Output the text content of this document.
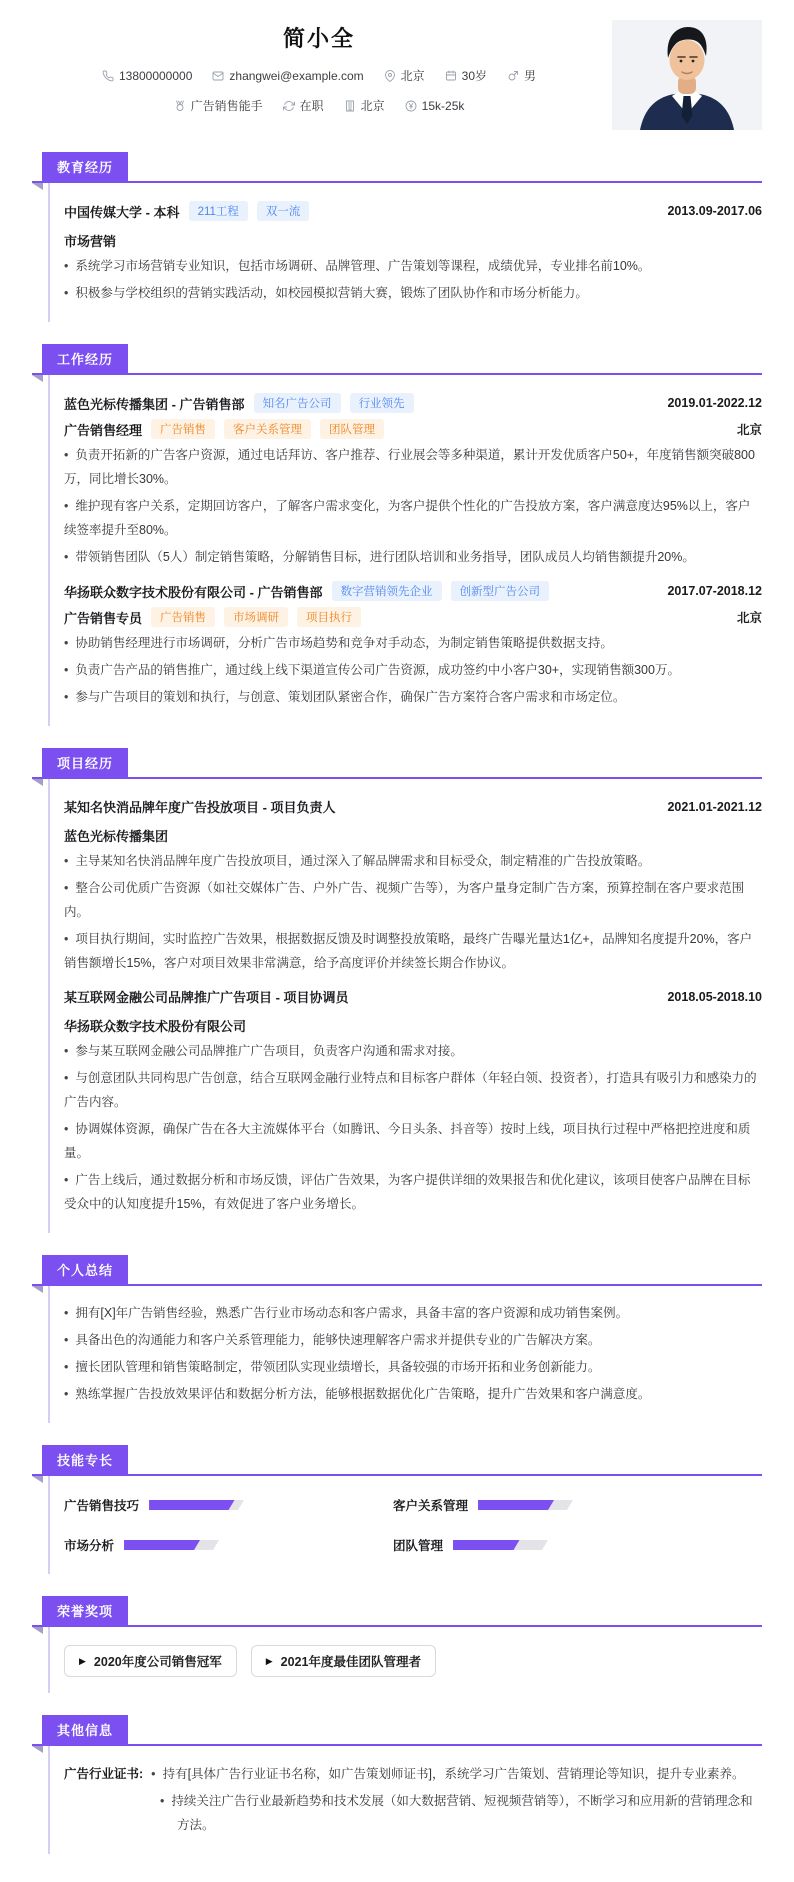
简小全
13800000000	zhangwei@example.com	北京	30岁	男
广告销售能手	在职	北京	15k-25k
教育经历
中国传媒大学 - 本科	211工程	双一流	2013.09-2017.06
市场营销

• 系统学习市场营销专业知识，包括市场调研、品牌管理、广告策划等课程，成绩优异，专业排名前10%。

• 积极参与学校组织的营销实践活动，如校园模拟营销大赛，锻炼了团队协作和市场分析能力。

工作经历
蓝色光标传播集团 - 广告销售部	知名广告公司	行业领先	2019.01-2022.12
广告销售经理	广告销售	客户关系管理	团队管理	北京

• 负责开拓新的广告客户资源，通过电话拜访、客户推荐、行业展会等多种渠道，累计开发优质客户50+，年度销售额突破800万，同比增长30%。

• 维护现有客户关系，定期回访客户，了解客户需求变化，为客户提供个性化的广告投放方案，客户满意度达95%以上，客户续签率提升至80%。

• 带领销售团队（5人）制定销售策略，分解销售目标，进行团队培训和业务指导，团队成员人均销售额提升20%。

华扬联众数字技术股份有限公司 - 广告销售部	数字营销领先企业	创新型广告公司	2017.07-2018.12
广告销售专员	广告销售	市场调研	项目执行	北京

• 协助销售经理进行市场调研，分析广告市场趋势和竞争对手动态，为制定销售策略提供数据支持。

• 负责广告产品的销售推广，通过线上线下渠道宣传公司广告资源，成功签约中小客户30+，实现销售额300万。

• 参与广告项目的策划和执行，与创意、策划团队紧密合作，确保广告方案符合客户需求和市场定位。

项目经历
某知名快消品牌年度广告投放项目 - 项目负责人	2021.01-2021.12
蓝色光标传播集团

• 主导某知名快消品牌年度广告投放项目，通过深入了解品牌需求和目标受众，制定精准的广告投放策略。

• 整合公司优质广告资源（如社交媒体广告、户外广告、视频广告等），为客户量身定制广告方案，预算控制在客户要求范围内。

• 项目执行期间，实时监控广告效果，根据数据反馈及时调整投放策略，最终广告曝光量达1亿+，品牌知名度提升20%，客户销售额增长15%，客户对项目效果非常满意，给予高度评价并续签长期合作协议。

某互联网金融公司品牌推广广告项目 - 项目协调员	2018.05-2018.10
华扬联众数字技术股份有限公司

• 参与某互联网金融公司品牌推广广告项目，负责客户沟通和需求对接。

• 与创意团队共同构思广告创意，结合互联网金融行业特点和目标客户群体（年轻白领、投资者），打造具有吸引力和感染力的广告内容。

• 协调媒体资源，确保广告在各大主流媒体平台（如腾讯、今日头条、抖音等）按时上线，项目执行过程中严格把控进度和质量。

• 广告上线后，通过数据分析和市场反馈，评估广告效果，为客户提供详细的效果报告和优化建议，该项目使客户品牌在目标受众中的认知度提升15%，有效促进了客户业务增长。

个人总结

• 拥有[X]年广告销售经验，熟悉广告行业市场动态和客户需求，具备丰富的客户资源和成功销售案例。

• 具备出色的沟通能力和客户关系管理能力，能够快速理解客户需求并提供专业的广告解决方案。

• 擅长团队管理和销售策略制定，带领团队实现业绩增长，具备较强的市场开拓和业务创新能力。

• 熟练掌握广告投放效果评估和数据分析方法，能够根据数据优化广告策略，提升广告效果和客户满意度。

技能专长
广告销售技巧	客户关系管理
市场分析	团队管理
荣誉奖项
▶ 2020年度公司销售冠军	▶ 2021年度最佳团队管理者
其他信息
广告行业证书: • 持有[具体广告行业证书名称，如广告策划师证书]，系统学习广告策划、营销理论等知识，提升专业素养。

• 持续关注广告行业最新趋势和技术发展（如大数据营销、短视频营销等），不断学习和应用新的营销理念和方法。
